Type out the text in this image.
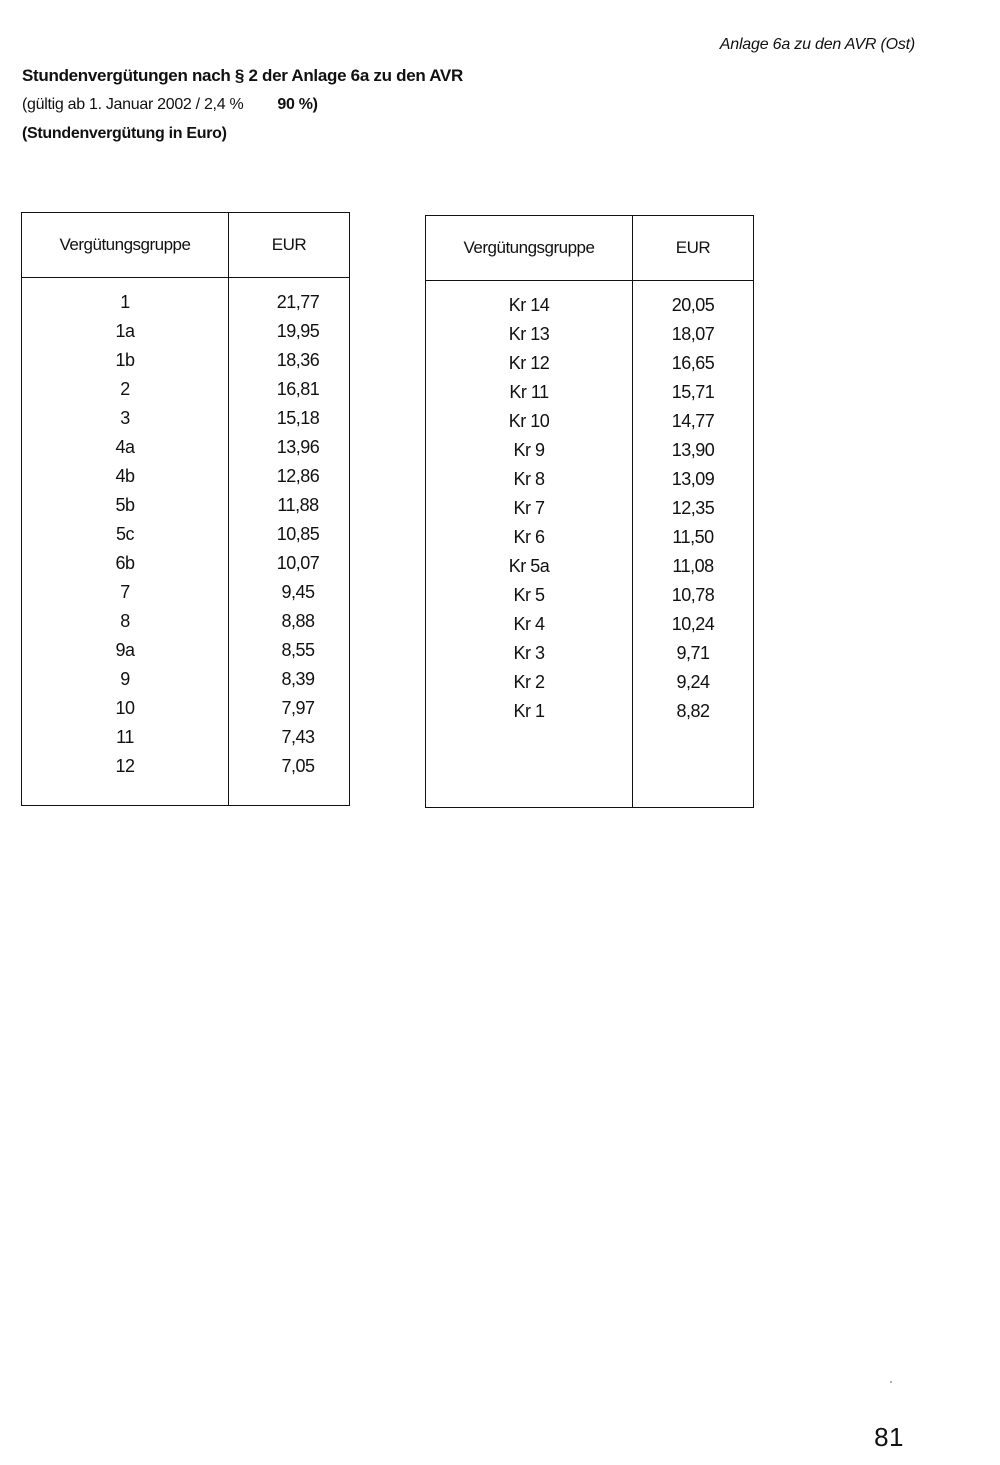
Anlage 6a zu den AVR (Ost)
Stundenvergütungen nach § 2 der Anlage 6a zu den AVR
(gültig ab 1. Januar 2002 / 2,4 % 90 %)
(Stundenvergütung in Euro)
Vergütungsgruppe	EUR

1	21,77
1a	19,95
1b	18,36
2	16,81
3	15,18
4a	13,96
4b	12,86
5b	11,88
5c	10,85
6b	10,07
7	9,45
8	8,88
9a	8,55
9	8,39
10	7,97
11	7,43
12	7,05

Vergütungsgruppe	EUR

Kr 14	20,05
Kr 13	18,07
Kr 12	16,65
Kr 11	15,71
Kr 10	14,77
Kr 9	13,90
Kr 8	13,09
Kr 7	12,35
Kr 6	11,50
Kr 5a	11,08
Kr 5	10,78
Kr 4	10,24
Kr 3	9,71
Kr 2	9,24
Kr 1	8,82

81
